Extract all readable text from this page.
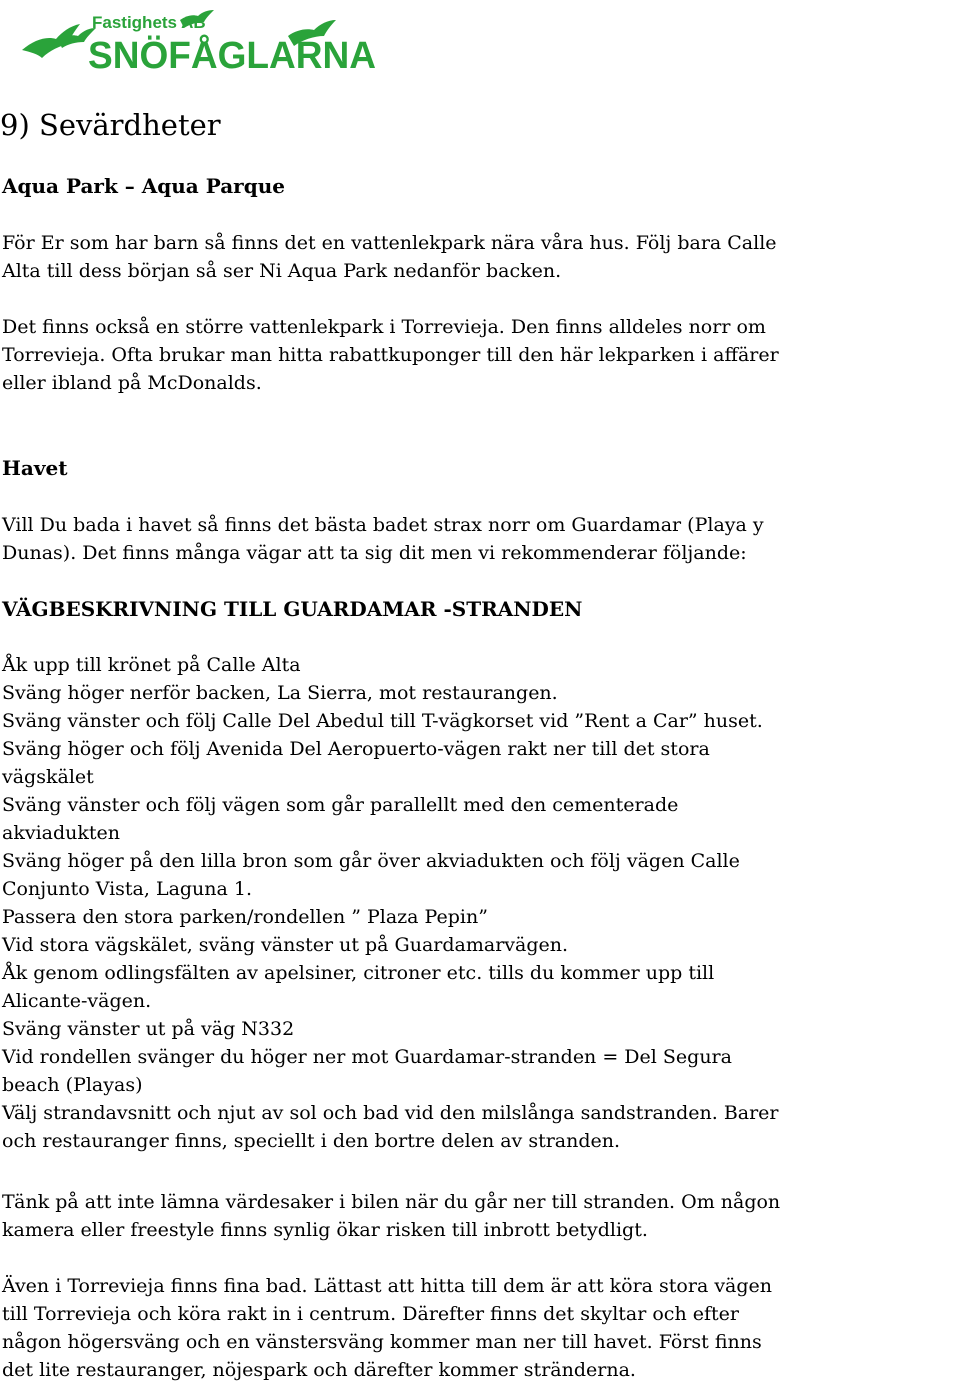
Fastighets AB
SNÖFÅGLARNA
9) Sevärdheter
Aqua Park – Aqua Parque
För Er som har barn så finns det en vattenlekpark nära våra hus. Följ bara Calle
Alta till dess början så ser Ni Aqua Park nedanför backen.
Det finns också en större vattenlekpark i Torrevieja. Den finns alldeles norr om
Torrevieja. Ofta brukar man hitta rabattkuponger till den här lekparken i affärer
eller ibland på McDonalds.
Havet
Vill Du bada i havet så finns det bästa badet strax norr om Guardamar (Playa y
Dunas). Det finns många vägar att ta sig dit men vi rekommenderar följande:
VÄGBESKRIVNING TILL GUARDAMAR -STRANDEN
Åk upp till krönet på Calle Alta
Sväng höger nerför backen, La Sierra, mot restaurangen.
Sväng vänster och följ Calle Del Abedul till T-vägkorset vid ”Rent a Car” huset.
Sväng höger och följ Avenida Del Aeropuerto-vägen rakt ner till det stora
vägskälet
Sväng vänster och följ vägen som går parallellt med den cementerade
akviadukten
Sväng höger på den lilla bron som går över akviadukten och följ vägen Calle
Conjunto Vista, Laguna 1.
Passera den stora parken/rondellen ” Plaza Pepin”
Vid stora vägskälet, sväng vänster ut på Guardamarvägen.
Åk genom odlingsfälten av apelsiner, citroner etc. tills du kommer upp till
Alicante-vägen.
Sväng vänster ut på väg N332
Vid rondellen svänger du höger ner mot Guardamar-stranden = Del Segura
beach (Playas)
Välj strandavsnitt och njut av sol och bad vid den milslånga sandstranden. Barer
och restauranger finns, speciellt i den bortre delen av stranden.
Tänk på att inte lämna värdesaker i bilen när du går ner till stranden. Om någon
kamera eller freestyle finns synlig ökar risken till inbrott betydligt.
Även i Torrevieja finns fina bad. Lättast att hitta till dem är att köra stora vägen
till Torrevieja och köra rakt in i centrum. Därefter finns det skyltar och efter
någon högersväng och en vänstersväng kommer man ner till havet. Först finns
det lite restauranger, nöjespark och därefter kommer stränderna.
